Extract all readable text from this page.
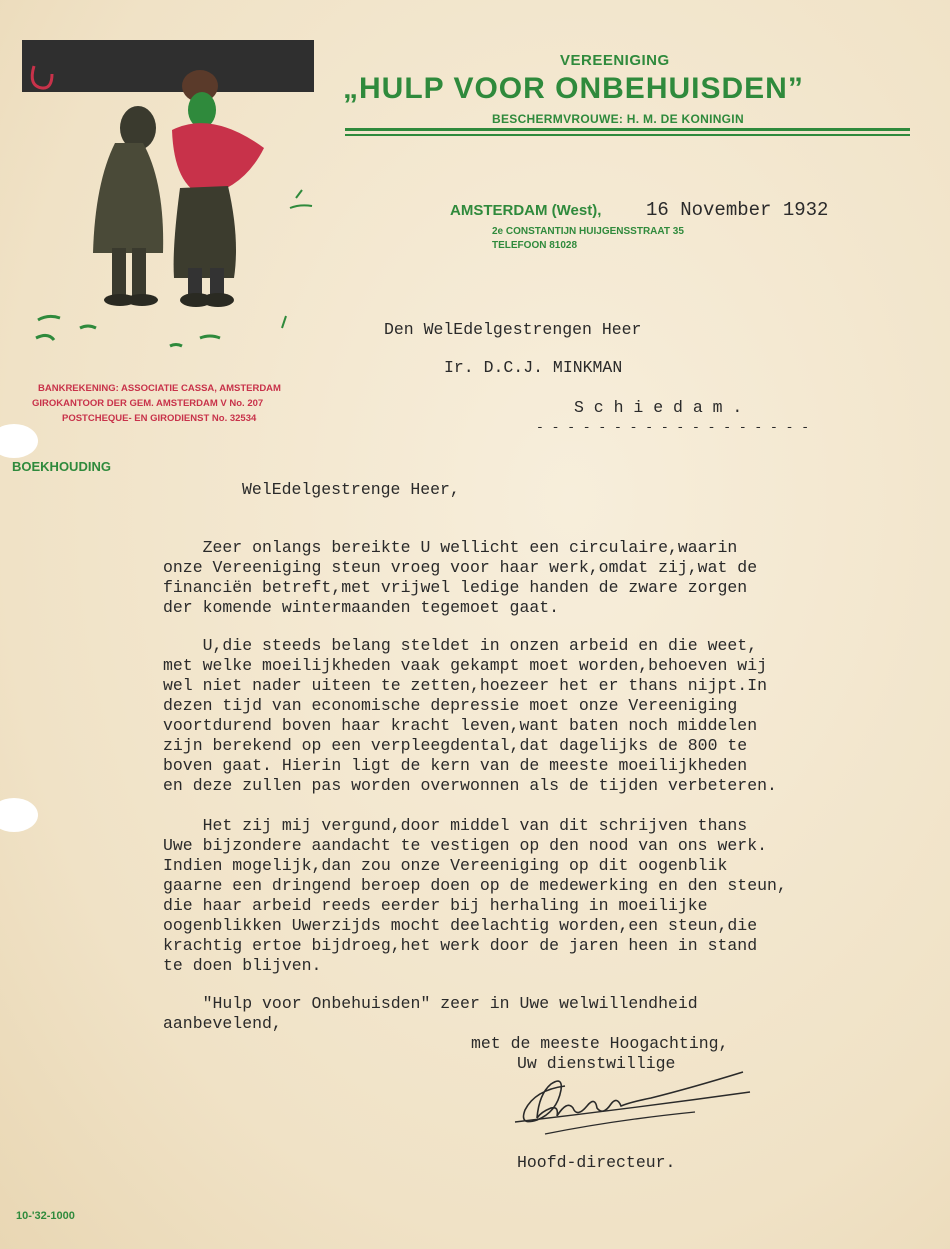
VEREENIGING
„HULP VOOR ONBEHUISDEN”
BESCHERMVROUWE: H. M. DE KONINGIN
AMSTERDAM (West), 16 November 1932
2e CONSTANTIJN HUIJGENSSTRAAT 35
TELEFOON 81028
BANKREKENING: ASSOCIATIE CASSA, AMSTERDAM
GIROKANTOOR DER GEM. AMSTERDAM V No. 207
POSTCHEQUE- EN GIRODIENST No. 32534
BOEKHOUDING
Den WelEdelgestrengen Heer
Ir. D.C.J. MINKMAN
S c h i e d a m .
- - - - - - - - - - - - - - - - - -
WelEdelgestrenge Heer,
Zeer onlangs bereikte U wellicht een circulaire,waarin
onze Vereeniging steun vroeg voor haar werk,omdat zij,wat de
financiën betreft,met vrijwel ledige handen de zware zorgen
der komende wintermaanden tegemoet gaat.
U,die steeds belang steldet in onzen arbeid en die weet,
met welke moeilijkheden vaak gekampt moet worden,behoeven wij
wel niet nader uiteen te zetten,hoezeer het er thans nijpt.In
dezen tijd van economische depressie moet onze Vereeniging
voortdurend boven haar kracht leven,want baten noch middelen
zijn berekend op een verpleegdental,dat dagelijks de 800 te
boven gaat. Hierin ligt de kern van de meeste moeilijkheden
en deze zullen pas worden overwonnen als de tijden verbeteren.
Het zij mij vergund,door middel van dit schrijven thans
Uwe bijzondere aandacht te vestigen op den nood van ons werk.
Indien mogelijk,dan zou onze Vereeniging op dit oogenblik
gaarne een dringend beroep doen op de medewerking en den steun,
die haar arbeid reeds eerder bij herhaling in moeilijke
oogenblikken Uwerzijds mocht deelachtig worden,een steun,die
krachtig ertoe bijdroeg,het werk door de jaren heen in stand
te doen blijven.
"Hulp voor Onbehuisden" zeer in Uwe welwillendheid
aanbevelend,
met de meeste Hoogachting,
Uw dienstwillige
Hoofd-directeur.
10-'32-1000
